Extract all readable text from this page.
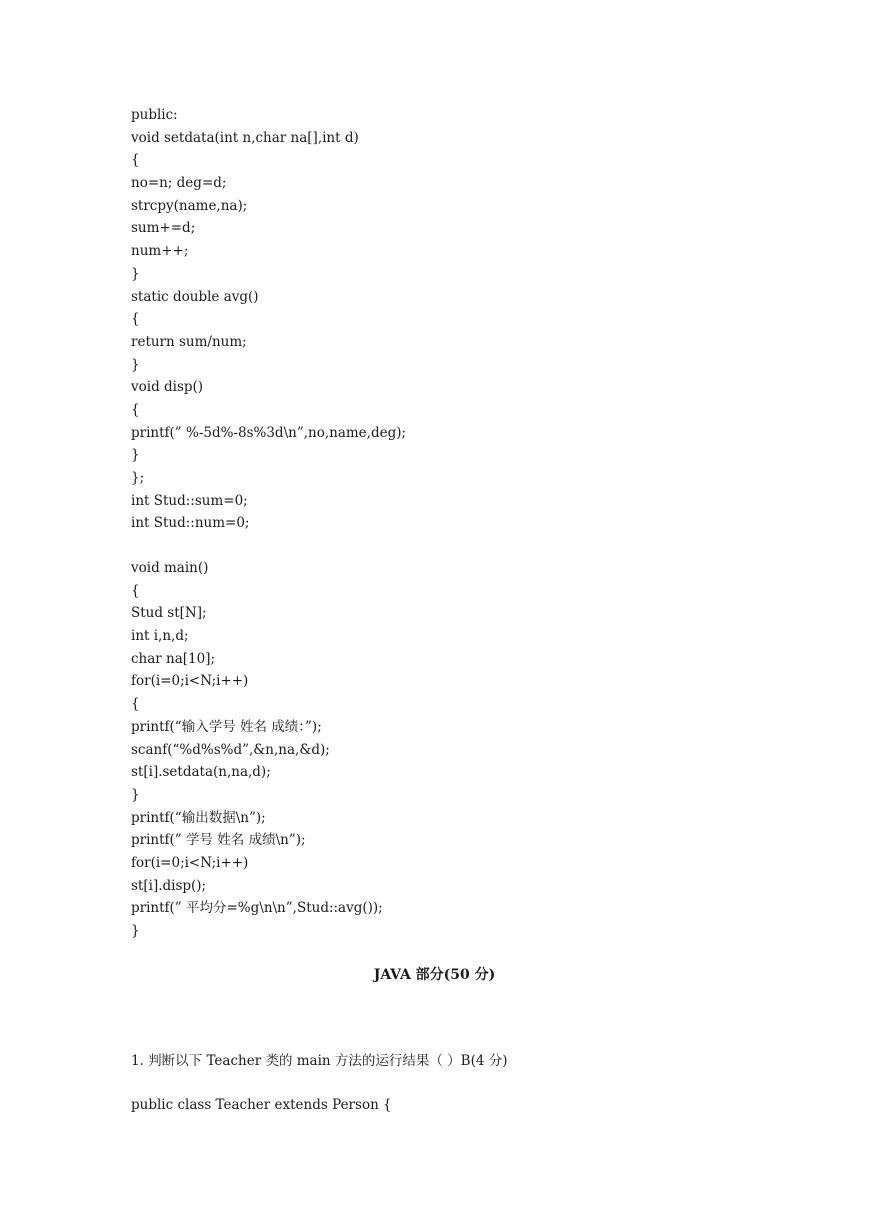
public:
void setdata(int n,char na[],int d)
{
no=n; deg=d;
strcpy(name,na);
sum+=d;
num++;
}
static double avg()
{
return sum/num;
}
void disp()
{
printf(” %-5d%-8s%3d\n”,no,name,deg);
}
};
int Stud::sum=0;
int Stud::num=0;
void main()
{
Stud st[N];
int i,n,d;
char na[10];
for(i=0;i<N;i++)
{
printf(“输入学号 姓名 成绩：”);
scanf(“%d%s%d”,&n,na,&d);
st[i].setdata(n,na,d);
}
printf(“输出数据\n”);
printf(” 学号 姓名 成绩\n”);
for(i=0;i<N;i++)
st[i].disp();
printf(” 平均分=%g\n\n”,Stud::avg());
}
JAVA 部分(50 分)
1. 判断以下 Teacher 类的 main 方法的运行结果（ ）B(4 分)
public class Teacher extends Person {
